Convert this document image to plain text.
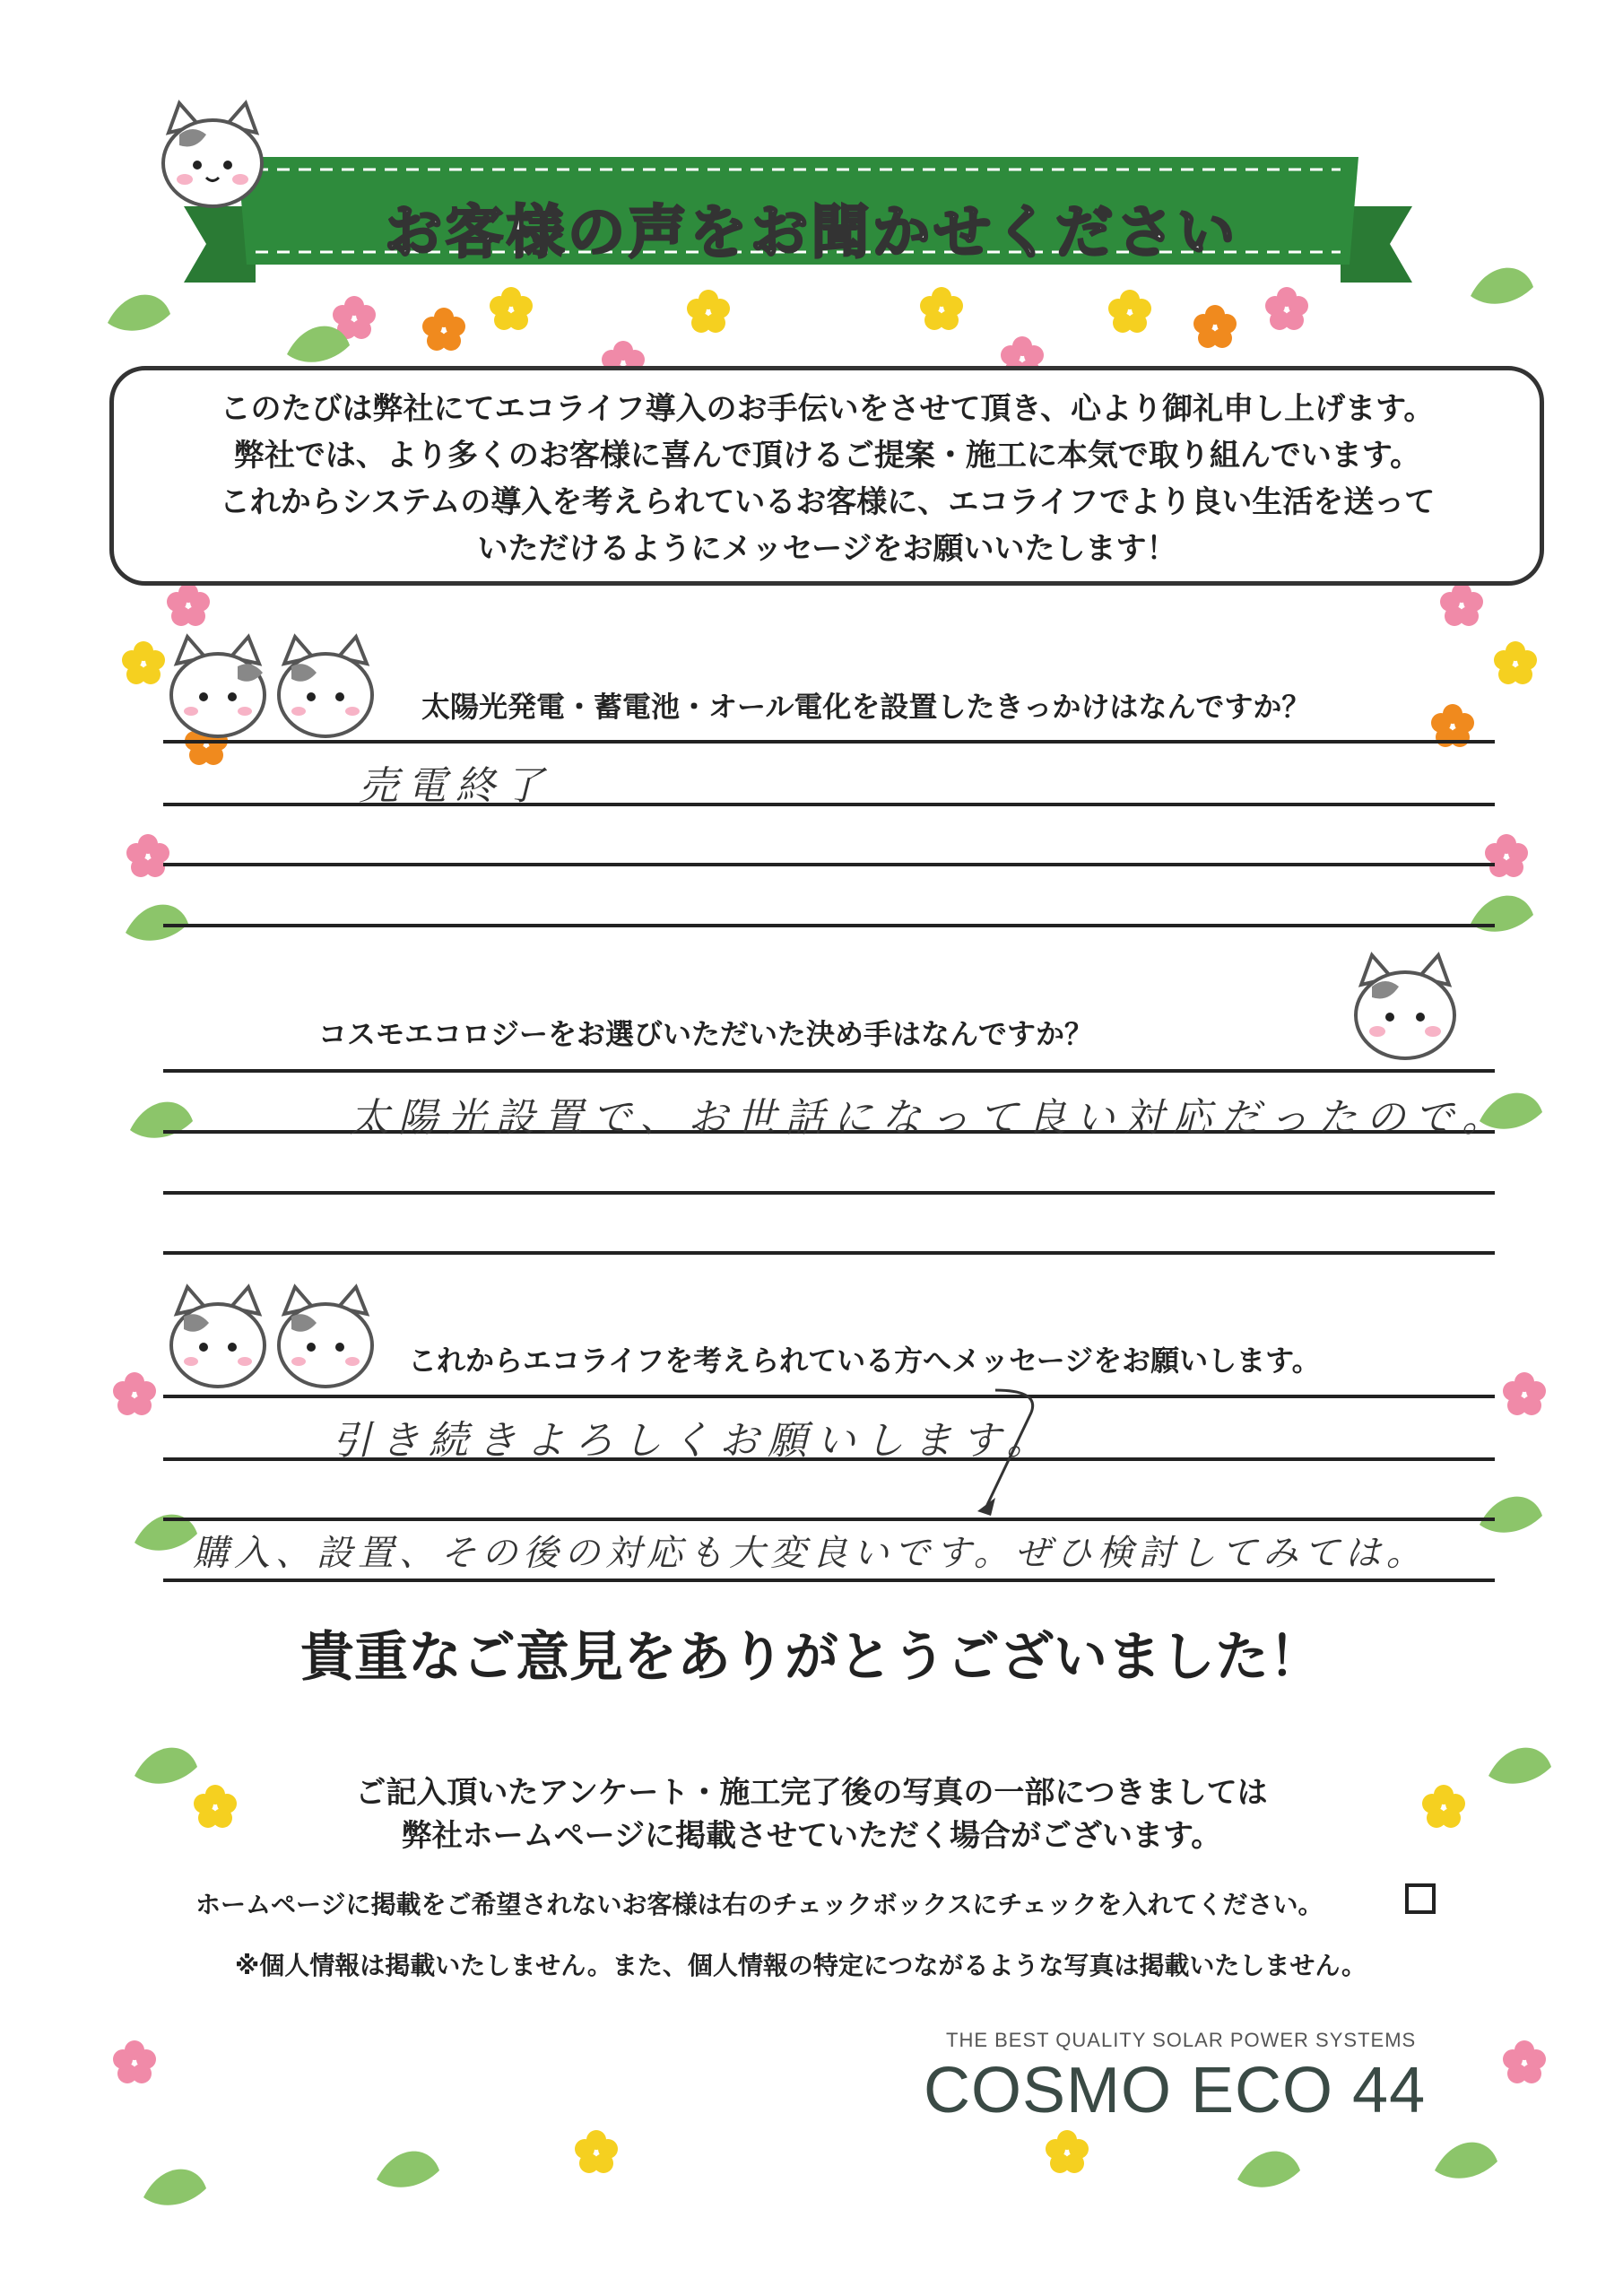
お客様の声をお聞かせください
このたびは弊社にてエコライフ導入のお手伝いをさせて頂き、心より御礼申し上げます。
弊社では、より多くのお客様に喜んで頂けるご提案・施工に本気で取り組んでいます。
これからシステムの導入を考えられているお客様に、エコライフでより良い生活を送って
いただけるようにメッセージをお願いいたします！
太陽光発電・蓄電池・オール電化を設置したきっかけはなんですか？
売電終了
コスモエコロジーをお選びいただいた決め手はなんですか？
太陽光設置で、お世話になって良い対応だったので。
これからエコライフを考えられている方へメッセージをお願いします。
引き続きよろしくお願いします。
購入、設置、その後の対応も大変良いです。ぜひ検討してみては。
貴重なご意見をありがとうございました！
ご記入頂いたアンケート・施工完了後の写真の一部につきましては
弊社ホームページに掲載させていただく場合がございます。
ホームページに掲載をご希望されないお客様は右のチェックボックスにチェックを入れてください。
※個人情報は掲載いたしません。また、個人情報の特定につながるような写真は掲載いたしません。
THE BEST QUALITY SOLAR POWER SYSTEMS
COSMO ECO 44
